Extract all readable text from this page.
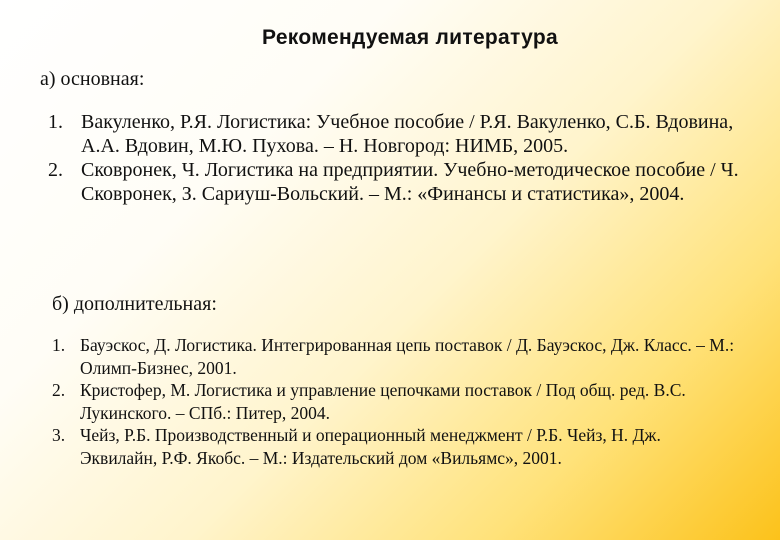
Рекомендуемая литература
а) основная:
1. Вакуленко, Р.Я. Логистика: Учебное пособие / Р.Я. Вакуленко, С.Б. Вдовина, А.А. Вдовин, М.Ю. Пухова. – Н. Новгород: НИМБ, 2005.
2. Сковронек, Ч. Логистика на предприятии. Учебно-методическое пособие / Ч. Сковронек, З. Сариуш-Вольский. – М.: «Финансы и статистика», 2004.
б) дополнительная:
1. Бауэскос, Д. Логистика. Интегрированная цепь поставок / Д. Бауэскос, Дж. Класс. – М.: Олимп-Бизнес, 2001.
2. Кристофер, М. Логистика и управление цепочками поставок / Под общ. ред. В.С. Лукинского. – СПб.: Питер, 2004.
3. Чейз, Р.Б. Производственный и операционный менеджмент / Р.Б. Чейз, Н. Дж. Эквилайн, Р.Ф. Якобс. – М.: Издательский дом «Вильямс», 2001.
